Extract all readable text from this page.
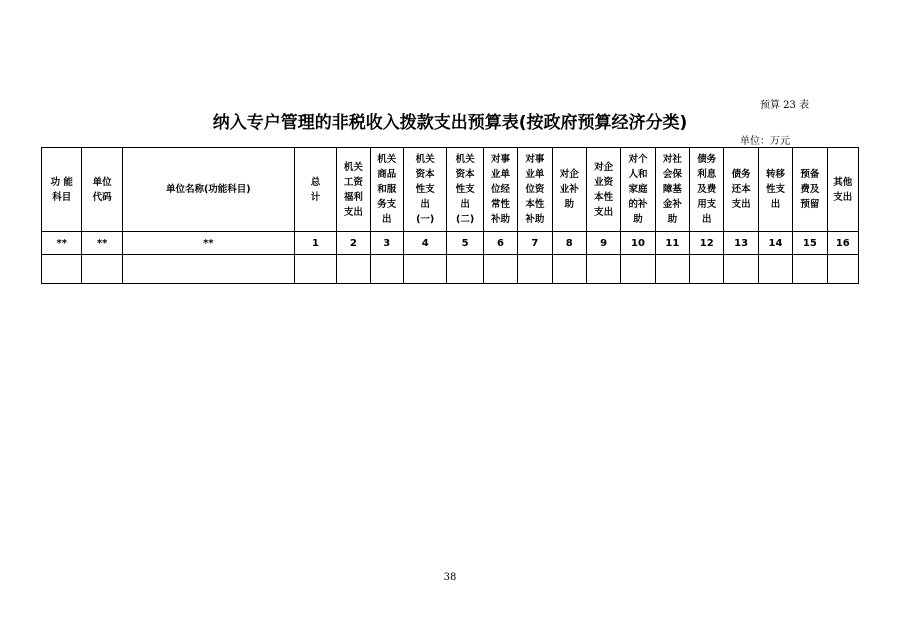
预算 23 表
纳入专户管理的非税收入拨款支出预算表(按政府预算经济分类)
单位：万元
功 能
科目	单位
代码	单位名称(功能科目)	总
计	机关
工资
福利
支出	机关
商品
和服
务支
出	机关
资本
性支
出
(一)	机关
资本
性支
出
(二)	对事
业单
位经
常性
补助	对事
业单
位资
本性
补助	对企
业补
助	对企
业资
本性
支出	对个
人和
家庭
的补
助	对社
会保
障基
金补
助	债务
利息
及费
用支
出	债务
还本
支出	转移
性支
出	预备
费及
预留	其他
支出

**	**	**	1	2	3	4	5	6	7	8	9	10	11	12	13	14	15	16

38
